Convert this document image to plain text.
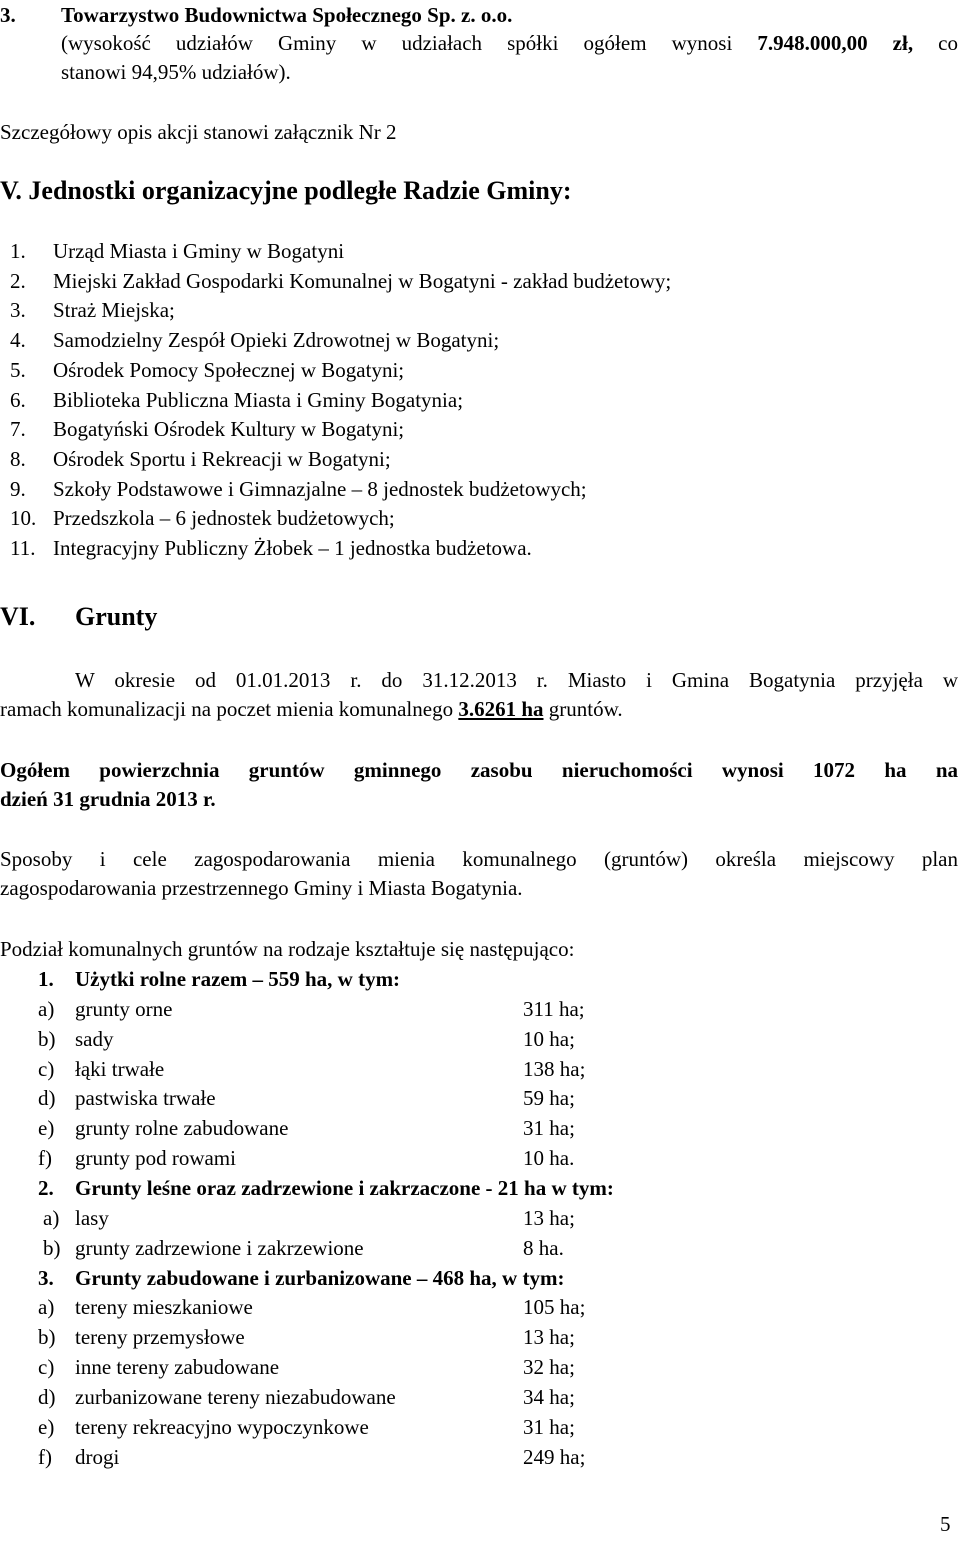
3. Towarzystwo Budownictwa Społecznego Sp. z. o.o.
(wysokość udziałów Gminy w udziałach spółki ogółem wynosi 7.948.000,00 zł, co
stanowi 94,95% udziałów).
Szczegółowy opis akcji stanowi załącznik Nr 2
V. Jednostki organizacyjne podległe Radzie Gminy:
1. Urząd Miasta i Gminy w Bogatyni
2. Miejski Zakład Gospodarki Komunalnej w Bogatyni - zakład budżetowy;
3. Straż Miejska;
4. Samodzielny Zespół Opieki Zdrowotnej w Bogatyni;
5. Ośrodek Pomocy Społecznej w Bogatyni;
6. Biblioteka Publiczna Miasta i Gminy Bogatynia;
7. Bogatyński Ośrodek Kultury w Bogatyni;
8. Ośrodek Sportu i Rekreacji w Bogatyni;
9. Szkoły Podstawowe i Gimnazjalne – 8 jednostek budżetowych;
10. Przedszkola – 6 jednostek budżetowych;
11. Integracyjny Publiczny Żłobek – 1 jednostka budżetowa.
VI. Grunty
W okresie od 01.01.2013 r. do 31.12.2013 r. Miasto i Gmina Bogatynia przyjęła w
ramach komunalizacji na poczet mienia komunalnego 3.6261 ha gruntów.
Ogółem powierzchnia gruntów gminnego zasobu nieruchomości wynosi 1072 ha na
dzień 31 grudnia 2013 r.
Sposoby i cele zagospodarowania mienia komunalnego (gruntów) określa miejscowy plan
zagospodarowania przestrzennego Gminy i Miasta Bogatynia.
Podział komunalnych gruntów na rodzaje kształtuje się następująco:
1. Użytki rolne razem – 559 ha, w tym:
a) grunty orne	311 ha;
b) sady	10 ha;
c) łąki trwałe	138 ha;
d) pastwiska trwałe	59 ha;
e) grunty rolne zabudowane	31 ha;
f) grunty pod rowami	10 ha.
2. Grunty leśne oraz zadrzewione i zakrzaczone - 21 ha w tym:
a) lasy	13 ha;
b) grunty zadrzewione i zakrzewione	8 ha.
3. Grunty zabudowane i zurbanizowane – 468 ha, w tym:
a) tereny mieszkaniowe	105 ha;
b) tereny przemysłowe	13 ha;
c) inne tereny zabudowane	32 ha;
d) zurbanizowane tereny niezabudowane	34 ha;
e) tereny rekreacyjno wypoczynkowe	31 ha;
f) drogi	249 ha;
5
